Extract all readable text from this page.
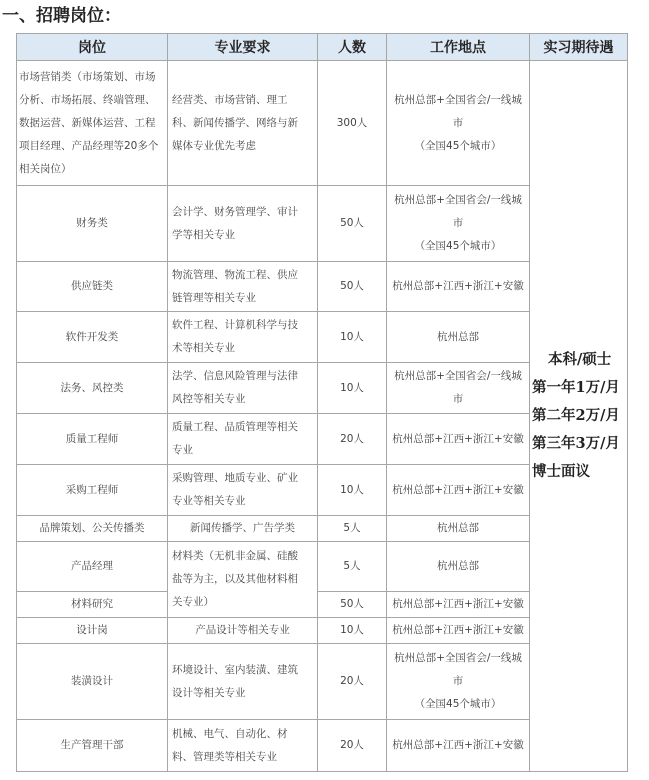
一、招聘岗位：
岗位	专业要求	人数	工作地点	实习期待遇

市场营销类（市场策划、市场
分析、市场拓展、终端管理、
数据运营、新媒体运营、工程
项目经理、产品经理等20多个
相关岗位）	经营类、市场营销、理工
科、新闻传播学、网络与新
媒体专业优先考虑	300人	杭州总部+全国省会/一线城
市
（全国45个城市）	本科/硕士
第一年1万/月
第二年2万/月
第三年3万/月
博士面议

财务类	会计学、财务管理学、审计
学等相关专业	50人	杭州总部+全国省会/一线城
市
（全国45个城市）	

供应链类	物流管理、物流工程、供应
链管理等相关专业	50人	杭州总部+江西+浙江+安徽	

软件开发类	软件工程、计算机科学与技
术等相关专业	10人	杭州总部	

法务、风控类	法学、信息风险管理与法律
风控等相关专业	10人	杭州总部+全国省会/一线城
市	

质量工程师	质量工程、品质管理等相关
专业	20人	杭州总部+江西+浙江+安徽	

采购工程师	采购管理、地质专业、矿业
专业等相关专业	10人	杭州总部+江西+浙江+安徽	

品牌策划、公关传播类	新闻传播学、广告学类	5人	杭州总部	

产品经理	材料类（无机非金属、硅酸
盐等为主，以及其他材料相
关专业）	5人	杭州总部	

材料研究		50人	杭州总部+江西+浙江+安徽	

设计岗	产品设计等相关专业	10人	杭州总部+江西+浙江+安徽	

装潢设计	环境设计、室内装潢、建筑
设计等相关专业	20人	杭州总部+全国省会/一线城
市
（全国45个城市）	

生产管理干部	机械、电气、自动化、材
料、管理类等相关专业	20人	杭州总部+江西+浙江+安徽	
